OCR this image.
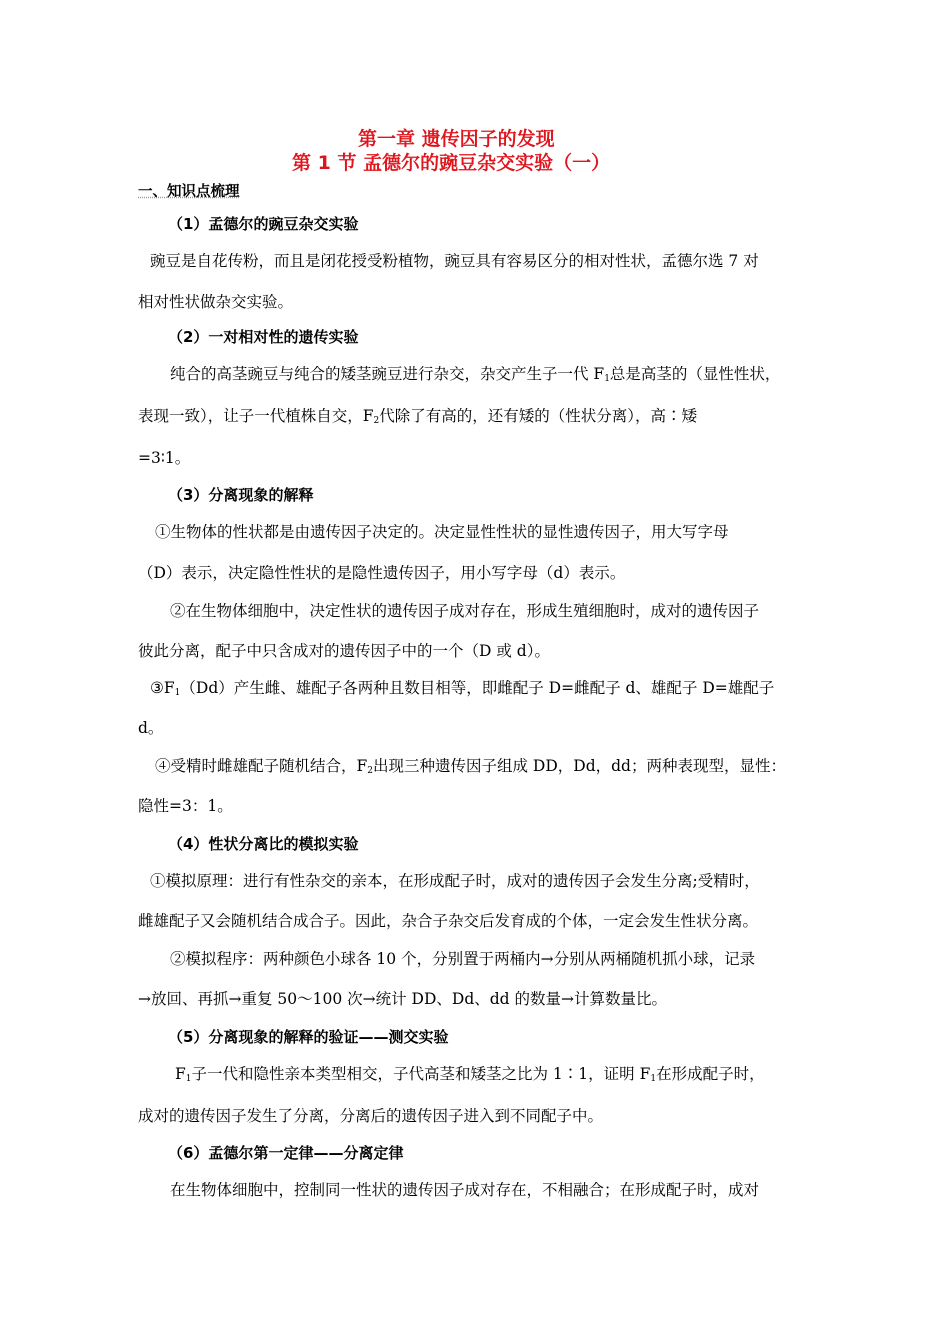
第一章 遗传因子的发现
第 1 节 孟德尔的豌豆杂交实验（一）
一、知识点梳理
（1）孟德尔的豌豆杂交实验
豌豆是自花传粉，而且是闭花授受粉植物，豌豆具有容易区分的相对性状，孟德尔选 7 对
相对性状做杂交实验。
（2）一对相对性的遗传实验
纯合的高茎豌豆与纯合的矮茎豌豆进行杂交，杂交产生子一代 $F_1$总是高茎的（显性性状，
表现一致），让子一代植株自交，$F_2$代除了有高的，还有矮的（性状分离），高∶矮
=3∶1。
（3）分离现象的解释
①生物体的性状都是由遗传因子决定的。决定显性性状的显性遗传因子，用大写字母
（D）表示，决定隐性性状的是隐性遗传因子，用小写字母（d）表示。
②在生物体细胞中，决定性状的遗传因子成对存在，形成生殖细胞时，成对的遗传因子
彼此分离，配子中只含成对的遗传因子中的一个（D 或 d）。
$③F_1(Dd)$产生雌、雄配子各两种且数目相等，即雌配子 D=雌配子 d、雄配子 D=雄配子
d。
④受精时雌雄配子随机结合，$F_2$出现三种遗传因子组成 DD，Dd，dd；两种表现型，显性：
隐性=3：1。
（4）性状分离比的模拟实验
①模拟原理：进行有性杂交的亲本，在形成配子时，成对的遗传因子会发生分离;受精时，
雌雄配子又会随机结合成合子。因此，杂合子杂交后发育成的个体，一定会发生性状分离。
②模拟程序：两种颜色小球各 10 个，分别置于两桶内→分别从两桶随机抓小球，记录
→放回、再抓→重复 50～100 次→统计 DD、Dd、dd 的数量→计算数量比。
（5）分离现象的解释的验证——测交实验
$F_1$子一代和隐性亲本类型相交，子代高茎和矮茎之比为 1∶1，证明 $F_1$在形成配子时，
成对的遗传因子发生了分离，分离后的遗传因子进入到不同配子中。
（6）孟德尔第一定律——分离定律
在生物体细胞中，控制同一性状的遗传因子成对存在，不相融合；在形成配子时，成对
